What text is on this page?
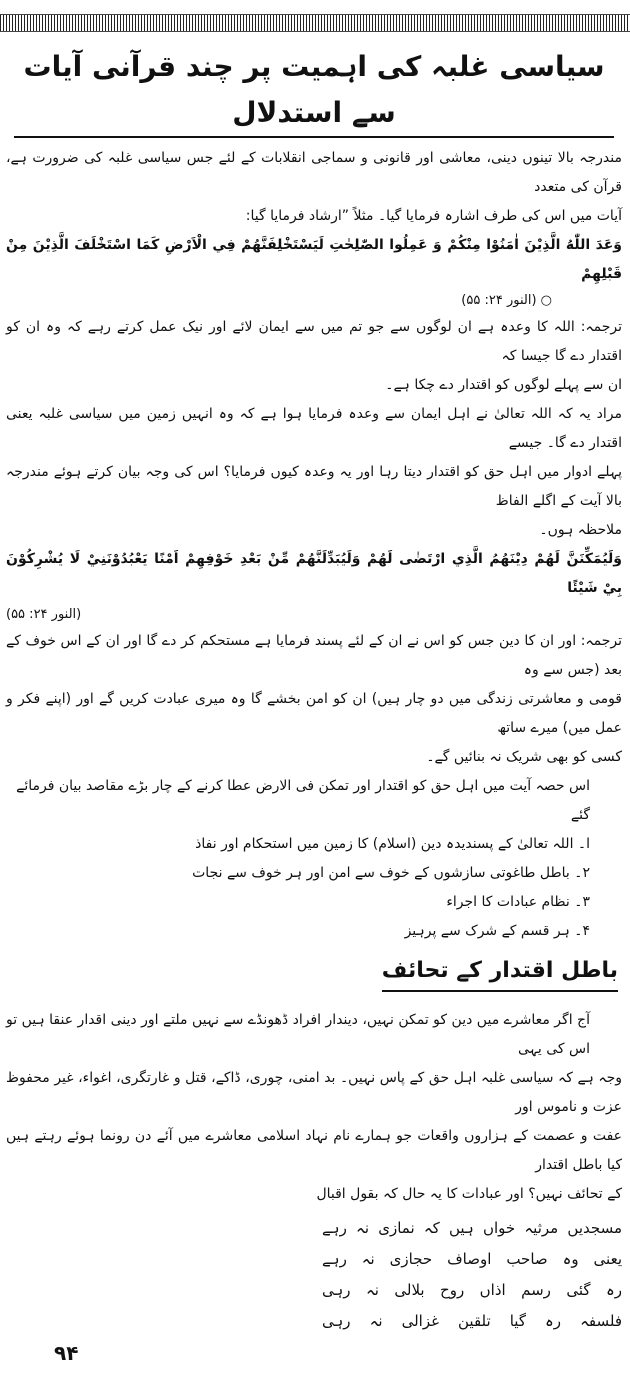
سیاسی غلبہ کی اہمیت پر چند قرآنی آیات سے استدلال
مندرجہ بالا تینوں دینی، معاشی اور قانونی و سماجی انقلابات کے لئے جس سیاسی غلبہ کی ضرورت ہے، قرآن کی متعدد
آیات میں اس کی طرف اشارہ فرمایا گیا۔ مثلاً ”ارشاد فرمایا گیا:
وَعَدَ اللّٰهُ الَّذِيْنَ اٰمَنُوْا مِنْكُمْ وَ عَمِلُوا الصّٰلِحٰتِ لَيَسْتَخْلِفَنَّهُمْ فِي الْاَرْضِ كَمَا اسْتَخْلَفَ الَّذِيْنَ مِنْ قَبْلِهِمْ
○ (النور ۲۴: ۵۵)
ترجمہ: اللہ کا وعدہ ہے ان لوگوں سے جو تم میں سے ایمان لائے اور نیک عمل کرتے رہے کہ وہ ان کو اقتدار دے گا جیسا کہ
ان سے پہلے لوگوں کو اقتدار دے چکا ہے۔
مراد یہ کہ اللہ تعالیٰ نے اہل ایمان سے وعدہ فرمایا ہوا ہے کہ وہ انہیں زمین میں سیاسی غلبہ یعنی اقتدار دے گا۔ جیسے
پہلے ادوار میں اہل حق کو اقتدار دیتا رہا اور یہ وعدہ کیوں فرمایا؟ اس کی وجہ بیان کرتے ہوئے مندرجہ بالا آیت کے اگلے الفاظ
ملاحظہ ہوں۔
وَلَيُمَكِّنَنَّ لَهُمْ دِيْنَهُمُ الَّذِي ارْتَضٰى لَهُمْ وَلَيُبَدِّلَنَّهُمْ مِّنْ بَعْدِ خَوْفِهِمْ اَمْنًا يَعْبُدُوْنَنِيْ لَا يُشْرِكُوْنَ بِيْ شَيْئًا
(النور ۲۴: ۵۵)
ترجمہ: اور ان کا دین جس کو اس نے ان کے لئے پسند فرمایا ہے مستحکم کر دے گا اور ان کے اس خوف کے بعد (جس سے وہ
قومی و معاشرتی زندگی میں دو چار ہیں) ان کو امن بخشے گا وہ میری عبادت کریں گے اور (اپنے فکر و عمل میں) میرے ساتھ
کسی کو بھی شریک نہ بنائیں گے۔
اس حصہ آیت میں اہل حق کو اقتدار اور تمکن فی الارض عطا کرنے کے چار بڑے مقاصد بیان فرمائے گئے
ا۔ اللہ تعالیٰ کے پسندیدہ دین (اسلام) کا زمین میں استحکام اور نفاذ
۲۔ باطل طاغوتی سازشوں کے خوف سے امن اور ہر خوف سے نجات
۳۔ نظام عبادات کا اجراء
۴۔ ہر قسم کے شرک سے پرہیز
باطل اقتدار کے تحائف
آج اگر معاشرے میں دین کو تمکن نہیں، دیندار افراد ڈھونڈے سے نہیں ملتے اور دینی اقدار عنقا ہیں تو اس کی یہی
وجہ ہے کہ سیاسی غلبہ اہل حق کے پاس نہیں۔ بد امنی، چوری، ڈاکے، قتل و غارتگری، اغواء، غیر محفوظ عزت و ناموس اور
عفت و عصمت کے ہزاروں واقعات جو ہمارے نام نہاد اسلامی معاشرے میں آئے دن رونما ہوئے رہتے ہیں کیا باطل اقتدار
کے تحائف نہیں؟ اور عبادات کا یہ حال کہ بقول اقبال
مسجدیں مرثیہ خواں ہیں کہ نمازی نہ رہے
یعنی وہ صاحب اوصاف حجازی نہ رہے
رہ گئی رسم اذاں روح بلالی نہ رہی
فلسفہ رہ گیا تلقین غزالی نہ رہی
۹۴
